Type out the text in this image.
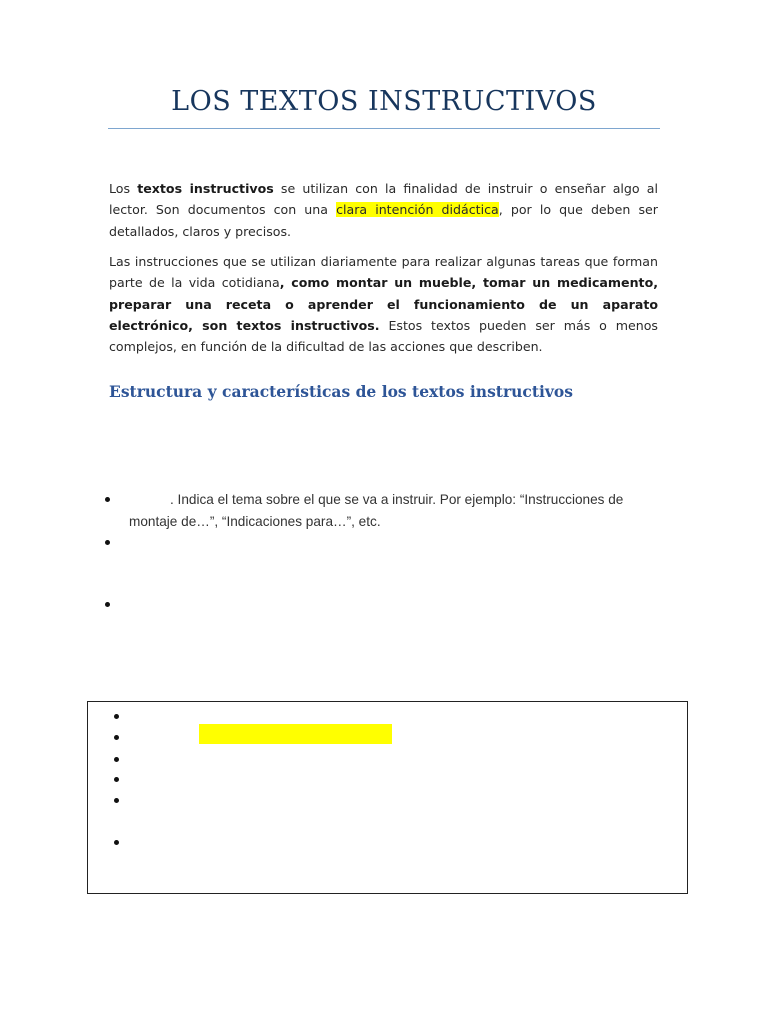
LOS TEXTOS INSTRUCTIVOS

Los textos instructivos se utilizan con la finalidad de instruir o enseñar algo al lector. Son documentos con una clara intención didáctica, por lo que deben ser detallados, claros y precisos.

Las instrucciones que se utilizan diariamente para realizar algunas tareas que forman parte de la vida cotidiana, como montar un mueble, tomar un medicamento, preparar una receta o aprender el funcionamiento de un aparato electrónico, son textos instructivos. Estos textos pueden ser más o menos complejos, en función de la dificultad de las acciones que describen.

Estructura y características de los textos instructivos

. Indica el tema sobre el que se va a instruir. Por ejemplo: “Instrucciones de montaje de…”, “Indicaciones para…”, etc.
